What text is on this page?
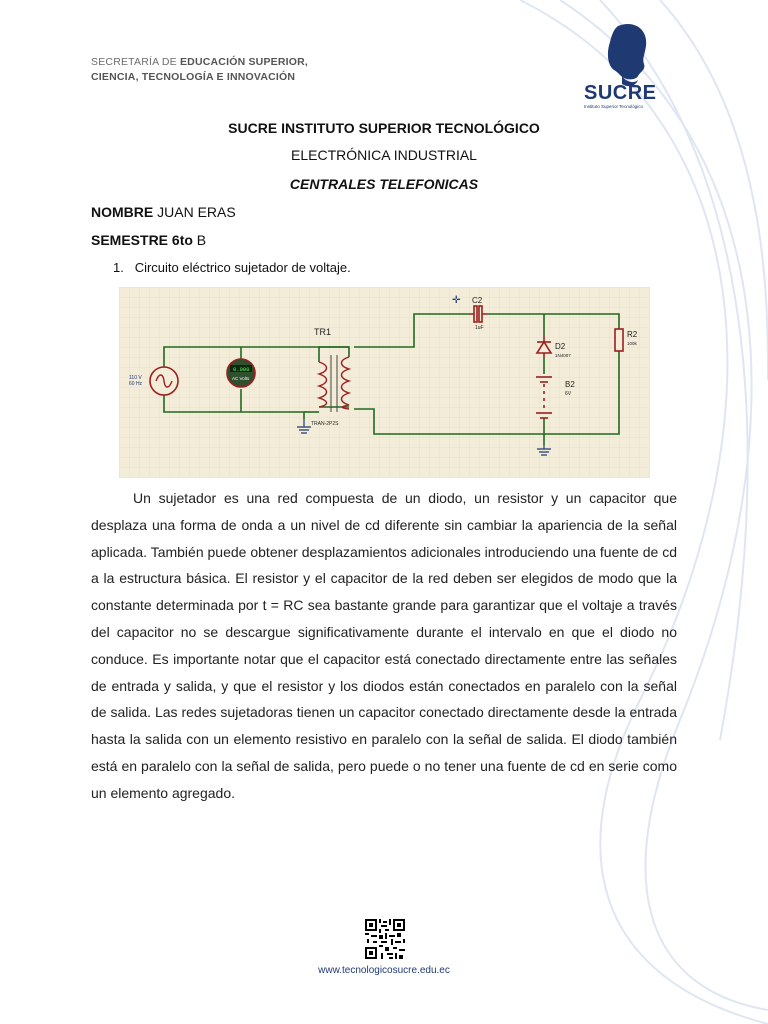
SECRETARÍA DE EDUCACIÓN SUPERIOR,
CIENCIA, TECNOLOGÍA E INNOVACIÓN
SUCRE
Instituto Superior Tecnológico
SUCRE INSTITUTO SUPERIOR TECNOLÓGICO
ELECTRÓNICA INDUSTRIAL
CENTRALES TELEFONICAS
NOMBRE JUAN ERAS
SEMESTRE 6to B
1. Circuito eléctrico sujetador de voltaje.
110 V
60 Hz
0.000
AC Volts
TR1
TRAN-2P2S
C2
1uF
✛
D2
1N4007
B2
6V
R2
100k
Un sujetador es una red compuesta de un diodo, un resistor y un capacitor que desplaza una forma de onda a un nivel de cd diferente sin cambiar la apariencia de la señal aplicada. También puede obtener desplazamientos adicionales introduciendo una fuente de cd a la estructura básica. El resistor y el capacitor de la red deben ser elegidos de modo que la constante determinada por t = RC sea bastante grande para garantizar que el voltaje a través del capacitor no se descargue significativamente durante el intervalo en que el diodo no conduce. Es importante notar que el capacitor está conectado directamente entre las señales de entrada y salida, y que el resistor y los diodos están conectados en paralelo con la señal de salida. Las redes sujetadoras tienen un capacitor conectado directamente desde la entrada hasta la salida con un elemento resistivo en paralelo con la señal de salida. El diodo también está en paralelo con la señal de salida, pero puede o no tener una fuente de cd en serie como un elemento agregado.
www.tecnologicosucre.edu.ec
